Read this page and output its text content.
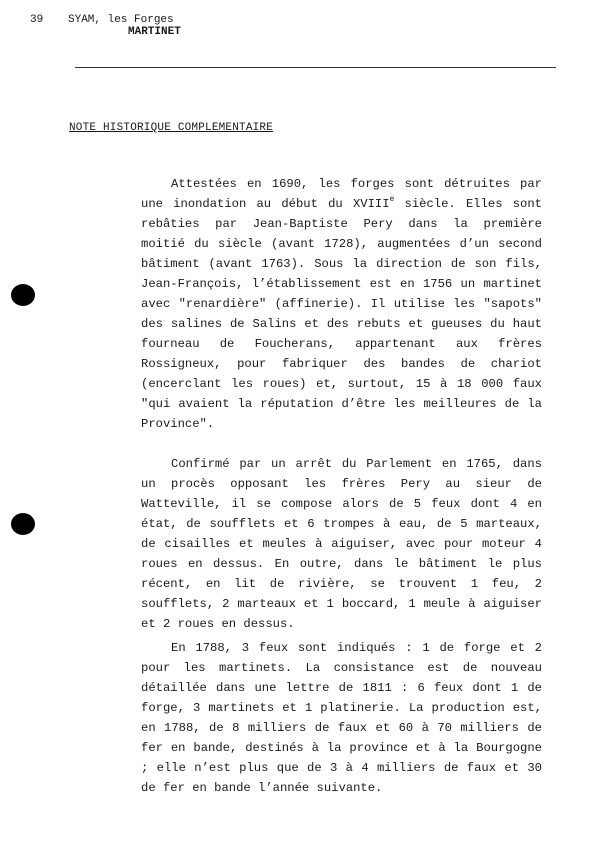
39 SYAM, les Forges
MARTINET
NOTE HISTORIQUE COMPLEMENTAIRE

Attestées en 1690, les forges sont détruites par une inondation au début du XVIIIe siècle. Elles sont rebâties par Jean-Baptiste Pery dans la première moitié du siècle (avant 1728), augmentées d’un second bâtiment (avant 1763). Sous la direction de son fils, Jean-François, l’établissement est en 1756 un martinet avec "renardière" (affinerie). Il utilise les "sapots" des salines de Salins et des rebuts et gueuses du haut fourneau de Foucherans, appartenant aux frères Rossigneux, pour fabriquer des bandes de chariot (encerclant les roues) et, surtout, 15 à 18 000 faux "qui avaient la réputation d’être les meilleures de la Province".

Confirmé par un arrêt du Parlement en 1765, dans un procès opposant les frères Pery au sieur de Watteville, il se compose alors de 5 feux dont 4 en état, de soufflets et 6 trompes à eau, de 5 marteaux, de cisailles et meules à aiguiser, avec pour moteur 4 roues en dessus. En outre, dans le bâtiment le plus récent, en lit de rivière, se trouvent 1 feu, 2 soufflets, 2 marteaux et 1 boccard, 1 meule à aiguiser et 2 roues en dessus.

En 1788, 3 feux sont indiqués : 1 de forge et 2 pour les martinets. La consistance est de nouveau détaillée dans une lettre de 1811 : 6 feux dont 1 de forge, 3 martinets et 1 platinerie. La production est, en 1788, de 8 milliers de faux et 60 à 70 milliers de fer en bande, destinés à la province et à la Bourgogne ; elle n’est plus que de 3 à 4 milliers de faux et 30 de fer en bande l’année suivante.
